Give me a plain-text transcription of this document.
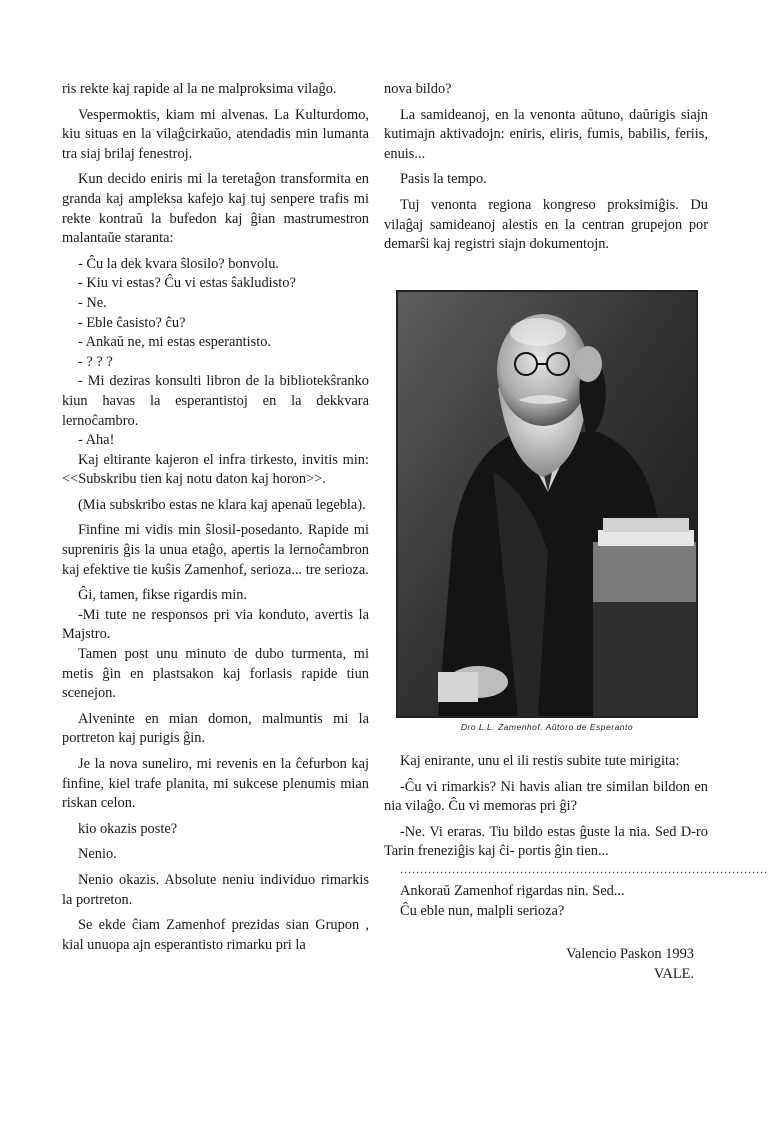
ris rekte kaj rapide al la ne malproksima vilaĝo.

Vespermoktis, kiam mi alvenas. La Kulturdomo, kiu situas en la vilaĝcirkaŭo, atendadis min lumanta tra siaj brilaj fenestroj.

Kun decido eniris mi la teretaĝon transformita en granda kaj ampleksa kafejo kaj tuj senpere trafis mi rekte kontraŭ la bufedon kaj ĝian mastrumestron malantaŭe staranta:

- Ĉu la dek kvara ŝlosilo? bonvolu.

- Kiu vi estas? Ĉu vi estas ŝakludisto?

- Ne.

- Eble ĉasisto? ĉu?

- Ankaŭ ne, mi estas esperantisto.

- ? ? ?

- Mi deziras konsulti libron de la bibliotekŝranko kiun havas la esperantistoj en la dekkvara lernoĉambro.

- Aha!

Kaj eltirante kajeron el infra tirkesto, invitis min: <<Subskribu tien kaj notu daton kaj horon>>.

(Mia subskribo estas ne klara kaj apenaŭ legebla).

Finfine mi vidis min ŝlosil-posedanto. Rapide mi supreniris ĝis la unua etaĝo, apertis la lernoĉambron kaj efektive tie kuŝis Zamenhof, serioza... tre serioza.

Ĝi, tamen, fikse rigardis min.

-Mi tute ne responsos pri via konduto, avertis la Majstro.

Tamen post unu minuto de dubo turmenta, mi metis ĝin en plastsakon kaj forlasis rapide tiun scenejon.

Alveninte en mian domon, malmuntis mi la portreton kaj purigis ĝin.

Je la nova suneliro, mi revenis en la ĉefurbon kaj finfine, kiel trafe planita, mi sukcese plenumis mian riskan celon.

kio okazis poste?

Nenio.

Nenio okazis. Absolute neniu individuo rimarkis la portreton.

Se ekde ĉiam Zamenhof prezidas sian Grupon , kial unuopa ajn esperantisto rimarku pri la

nova bildo?

La samideanoj, en la venonta aŭtuno, daŭrigis siajn kutimajn aktivadojn: eniris, eliris, fumis, babilis, feriis, enuis...

Pasis la tempo.

Tuj venonta regiona kongreso proksimiĝis. Du vilaĝaj samideanoj alestis en la centran grupejon por demarŝi kaj registri siajn dokumentojn.

Dro L.L. Zamenhof. Aŭtoro de Esperanto

Kaj enirante, unu el ili restis subite tute mirigita:

-Ĉu vi rimarkis? Ni havis alian tre similan bildon en nia vilaĝo. Ĉu vi memoras pri ĝi?

-Ne. Vi eraras. Tiu bildo estas ĝuste la nia. Sed D-ro Tarin freneziĝis kaj ĉi- portis ĝin tien...

............................................................................................

Ankoraŭ Zamenhof rigardas nin. Sed...

Ĉu eble nun, malpli serioza?

Valencio Paskon 1993

VALE.
